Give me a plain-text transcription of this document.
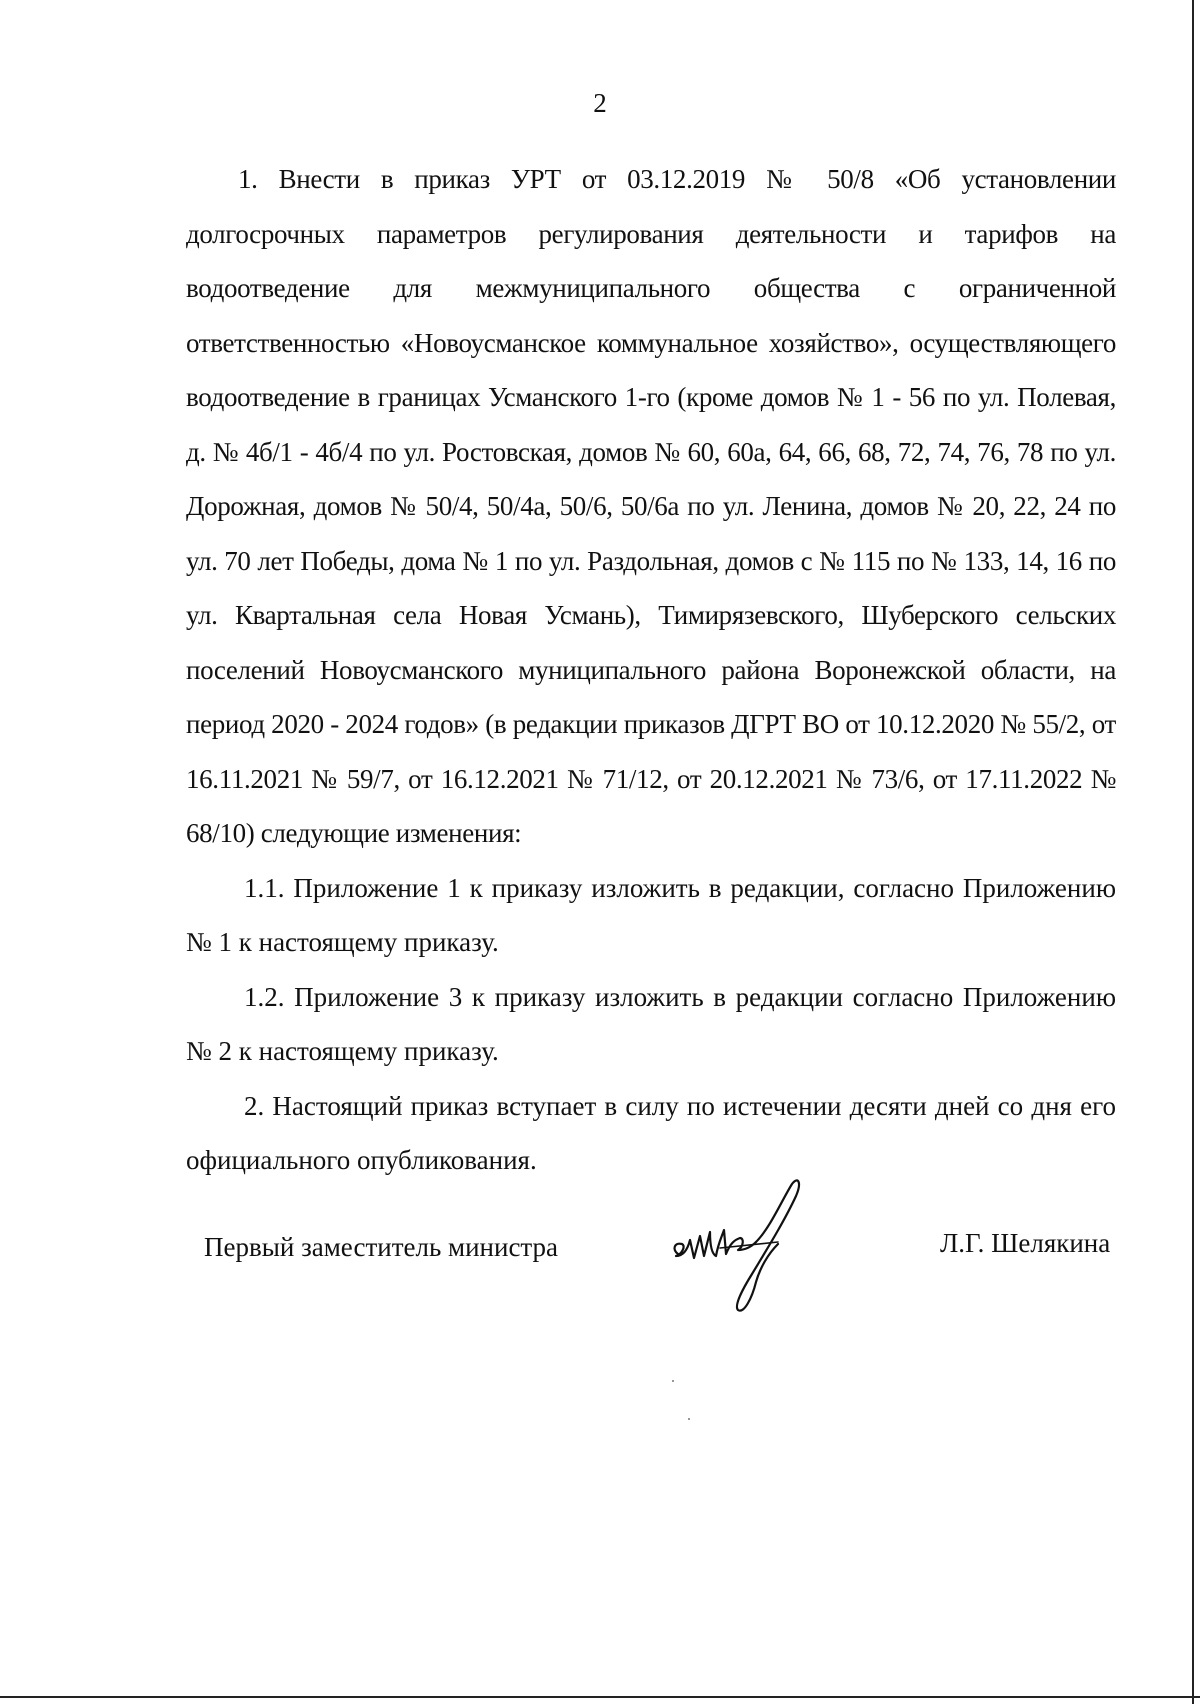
2

1. Внести в приказ УРТ от 03.12.2019 № 50/8 «Об установлении долгосрочных параметров регулирования деятельности и тарифов на водоотведение для межмуниципального общества с ограниченной ответственностью «Новоусманское коммунальное хозяйство», осуществляющего водоотведение в границах Усманского 1-го (кроме домов № 1 - 56 по ул. Полевая, д. № 4б/1 - 4б/4 по ул. Ростовская, домов № 60, 60а, 64, 66, 68, 72, 74, 76, 78 по ул. Дорожная, домов № 50/4, 50/4а, 50/6, 50/6а по ул. Ленина, домов № 20, 22, 24 по ул. 70 лет Победы, дома № 1 по ул. Раздольная, домов с № 115 по № 133, 14, 16 по ул. Квартальная села Новая Усмань), Тимирязевского, Шуберского сельских поселений Новоусманского муниципального района Воронежской области, на период 2020 - 2024 годов» (в редакции приказов ДГРТ ВО от 10.12.2020 № 55/2, от 16.11.2021 № 59/7, от 16.12.2021 № 71/12, от 20.12.2021 № 73/6, от 17.11.2022 № 68/10) следующие изменения:

1.1. Приложение 1 к приказу изложить в редакции, согласно Приложению № 1 к настоящему приказу.

1.2. Приложение 3 к приказу изложить в редакции согласно Приложению № 2 к настоящему приказу.

2. Настоящий приказ вступает в силу по истечении десяти дней со дня его официального опубликования.

Первый заместитель министра	Л.Г. Шелякина
